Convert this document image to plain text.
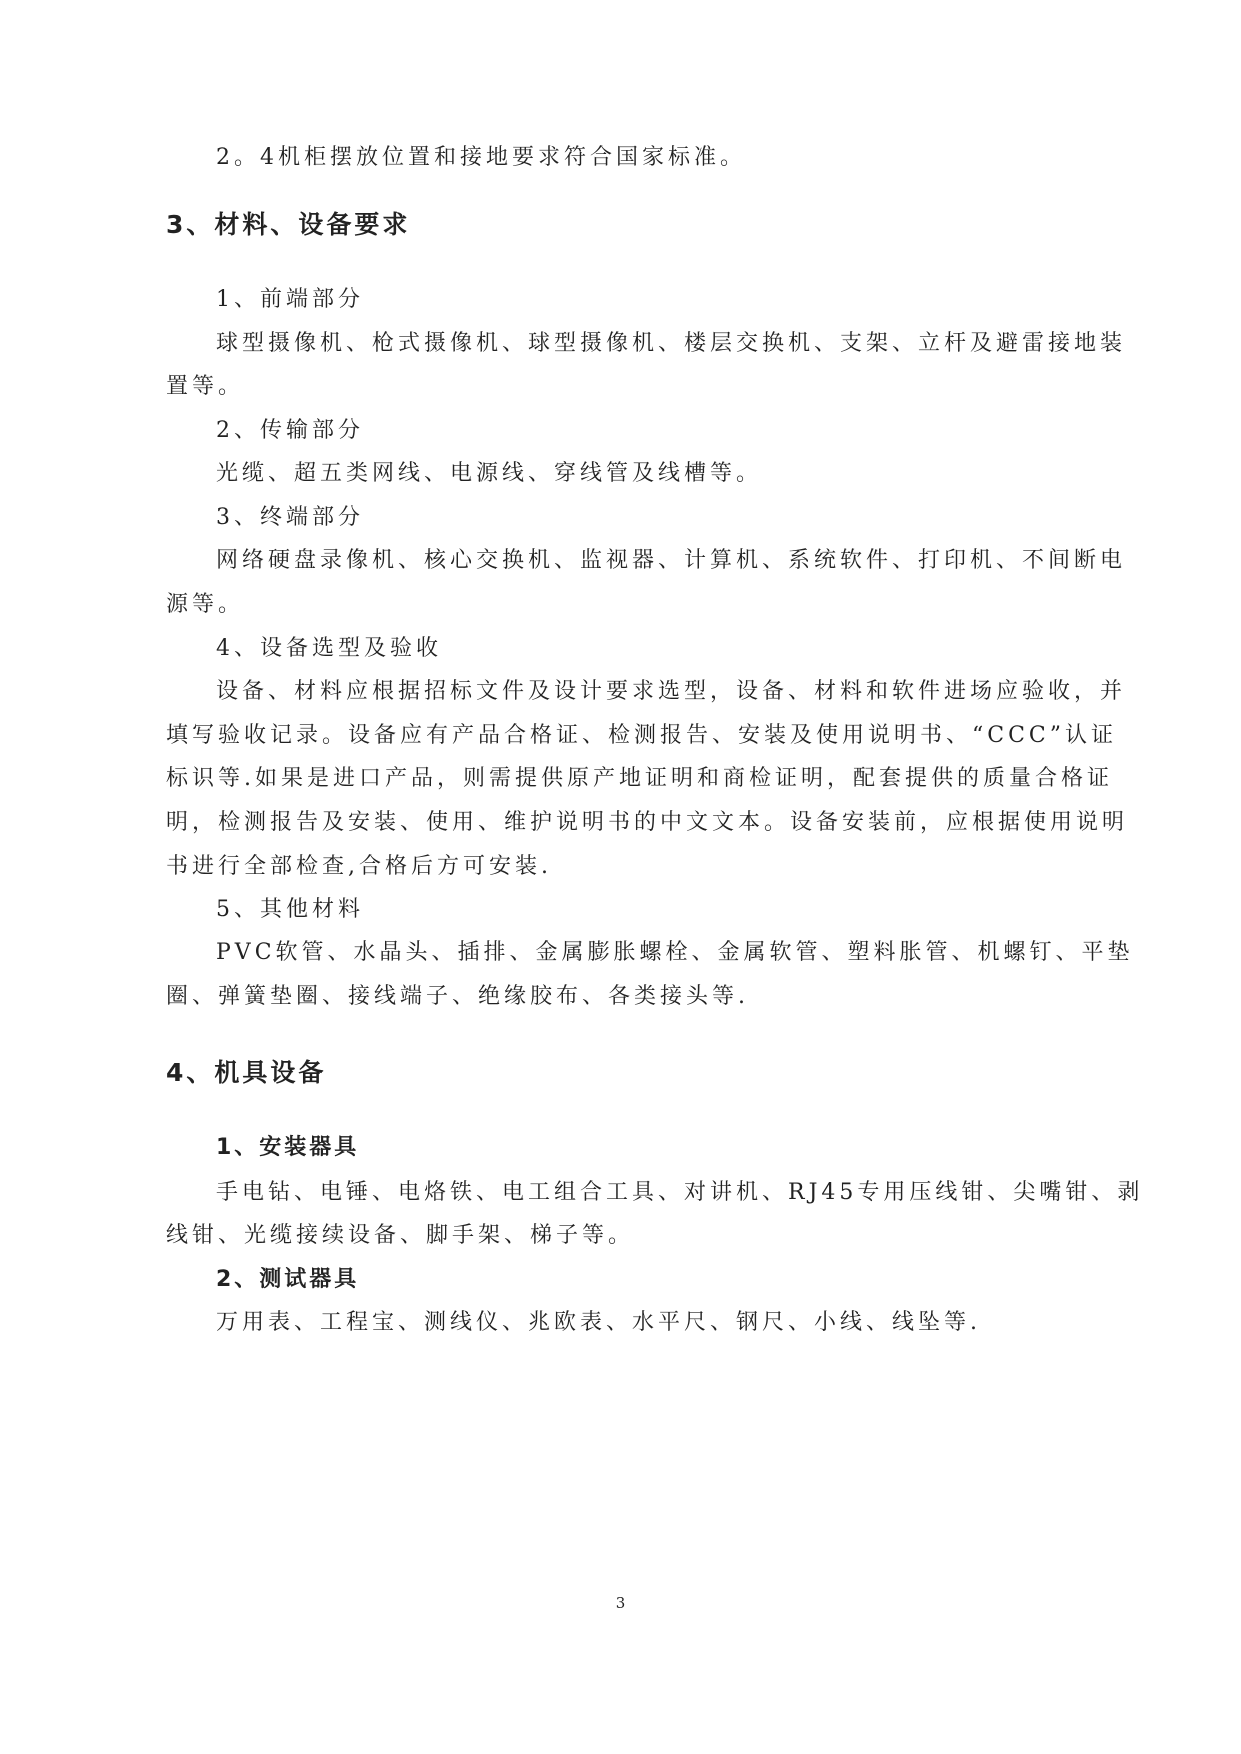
2。4机柜摆放位置和接地要求符合国家标准。
3、材料、设备要求
1、前端部分
球型摄像机、枪式摄像机、球型摄像机、楼层交换机、支架、立杆及避雷接地装
置等。
2、传输部分
光缆、超五类网线、电源线、穿线管及线槽等。
3、终端部分
网络硬盘录像机、核心交换机、监视器、计算机、系统软件、打印机、不间断电
源等。
4、设备选型及验收
设备、材料应根据招标文件及设计要求选型，设备、材料和软件进场应验收，并
填写验收记录。设备应有产品合格证、检测报告、安装及使用说明书、“CCC”认证
标识等.如果是进口产品，则需提供原产地证明和商检证明，配套提供的质量合格证
明，检测报告及安装、使用、维护说明书的中文文本。设备安装前，应根据使用说明
书进行全部检查,合格后方可安装.
5、其他材料
PVC软管、水晶头、插排、金属膨胀螺栓、金属软管、塑料胀管、机螺钉、平垫
圈、弹簧垫圈、接线端子、绝缘胶布、各类接头等.
4、机具设备
1、安装器具
手电钻、电锤、电烙铁、电工组合工具、对讲机、RJ45专用压线钳、尖嘴钳、剥
线钳、光缆接续设备、脚手架、梯子等。
2、测试器具
万用表、工程宝、测线仪、兆欧表、水平尺、钢尺、小线、线坠等.
3
